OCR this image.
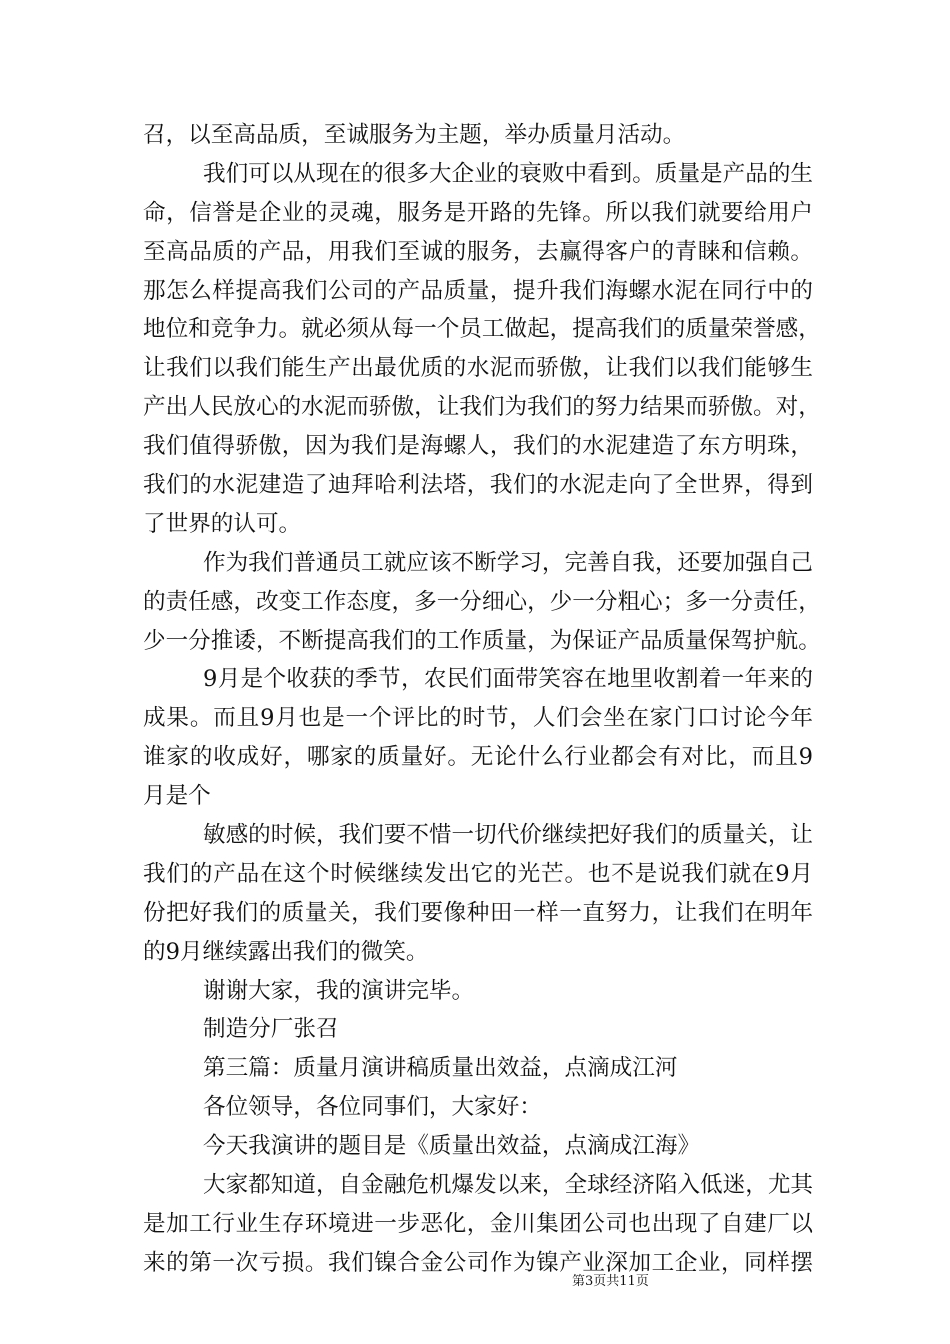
召，以至高品质，至诚服务为主题，举办质量月活动。
我们可以从现在的很多大企业的衰败中看到。质量是产品的生
命，信誉是企业的灵魂，服务是开路的先锋。所以我们就要给用户
至高品质的产品，用我们至诚的服务，去赢得客户的青睐和信赖。
那怎么样提高我们公司的产品质量，提升我们海螺水泥在同行中的
地位和竞争力。就必须从每一个员工做起，提高我们的质量荣誉感，
让我们以我们能生产出最优质的水泥而骄傲，让我们以我们能够生
产出人民放心的水泥而骄傲，让我们为我们的努力结果而骄傲。对，
我们值得骄傲，因为我们是海螺人，我们的水泥建造了东方明珠，
我们的水泥建造了迪拜哈利法塔，我们的水泥走向了全世界，得到
了世界的认可。
作为我们普通员工就应该不断学习，完善自我，还要加强自己
的责任感，改变工作态度，多一分细心，少一分粗心；多一分责任，
少一分推诿，不断提高我们的工作质量，为保证产品质量保驾护航。
9月是个收获的季节，农民们面带笑容在地里收割着一年来的
成果。而且9月也是一个评比的时节，人们会坐在家门口讨论今年
谁家的收成好，哪家的质量好。无论什么行业都会有对比，而且9
月是个
敏感的时候，我们要不惜一切代价继续把好我们的质量关，让
我们的产品在这个时候继续发出它的光芒。也不是说我们就在9月
份把好我们的质量关，我们要像种田一样一直努力，让我们在明年
的9月继续露出我们的微笑。
谢谢大家，我的演讲完毕。
制造分厂张召
第三篇：质量月演讲稿质量出效益，点滴成江河
各位领导，各位同事们，大家好：
今天我演讲的题目是《质量出效益，点滴成江海》
大家都知道，自金融危机爆发以来，全球经济陷入低迷，尤其
是加工行业生存环境进一步恶化，金川集团公司也出现了自建厂以
来的第一次亏损。我们镍合金公司作为镍产业深加工企业，同样摆
第3页共11页
